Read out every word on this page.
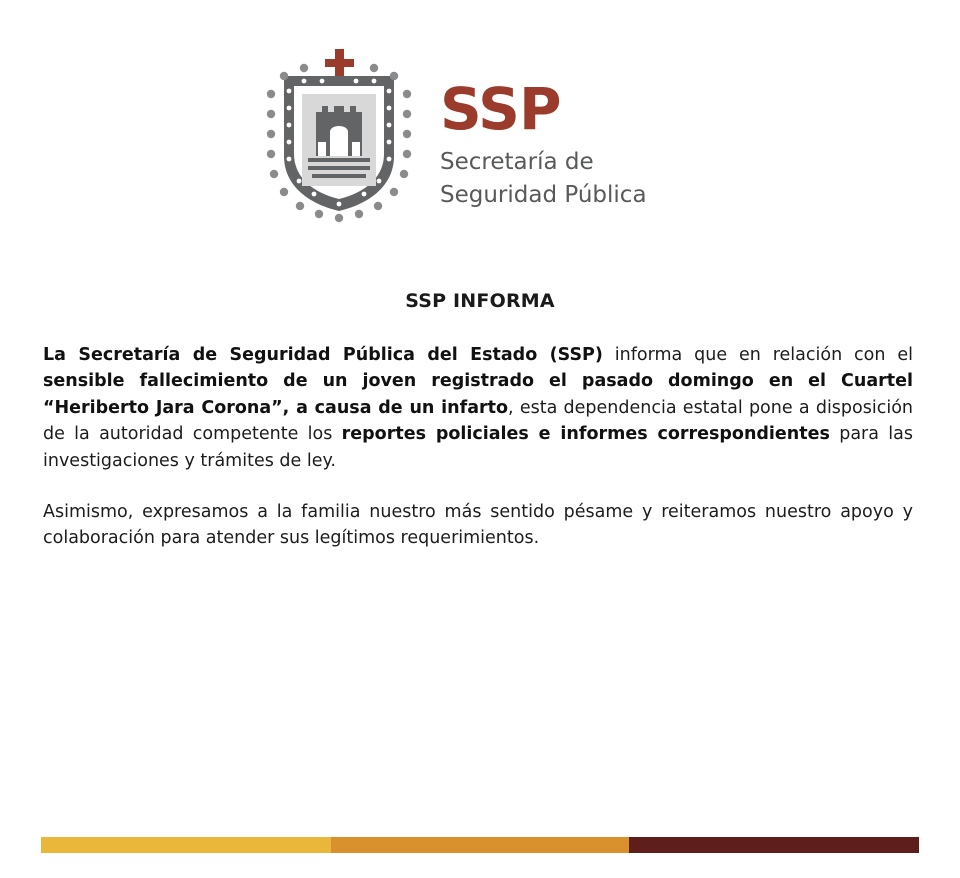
SSP
Secretaría de
Seguridad Pública
SSP INFORMA

La Secretaría de Seguridad Pública del Estado (SSP) informa que en relación con el sensible fallecimiento de un joven registrado el pasado domingo en el Cuartel “Heriberto Jara Corona”, a causa de un infarto, esta dependencia estatal pone a disposición de la autoridad competente los reportes policiales e informes correspondientes para las investigaciones y trámites de ley.

Asimismo, expresamos a la familia nuestro más sentido pésame y reiteramos nuestro apoyo y colaboración para atender sus legítimos requerimientos.
